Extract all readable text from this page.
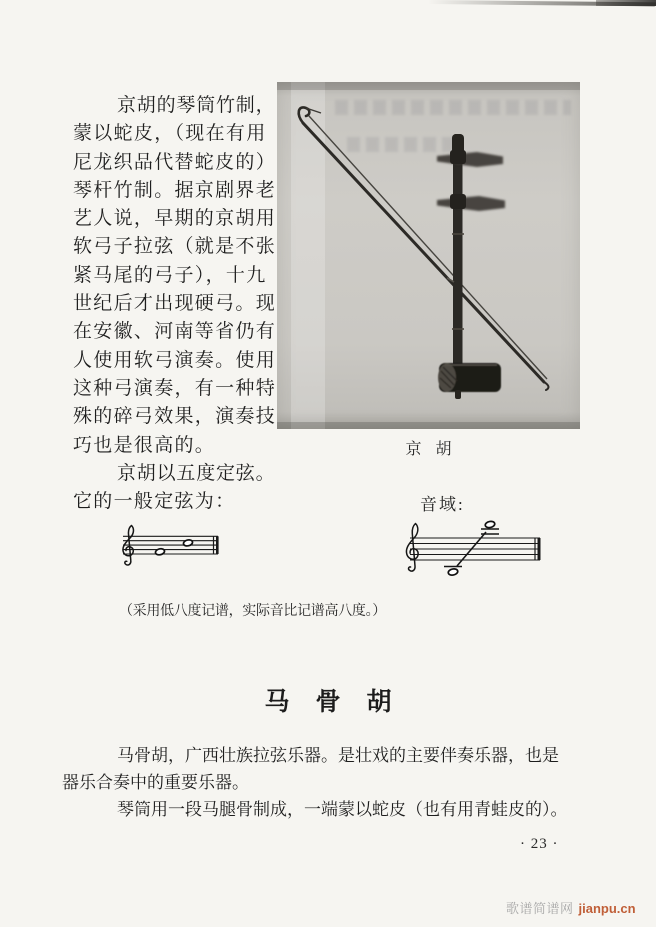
京胡的琴筒竹制，
蒙以蛇皮，（现在有用
尼龙织品代替蛇皮的）
琴杆竹制。据京剧界老
艺人说，早期的京胡用
软弓子拉弦（就是不张
紧马尾的弓子），十九
世纪后才出现硬弓。现
在安徽、河南等省仍有
人使用软弓演奏。使用
这种弓演奏，有一种特
殊的碎弓效果，演奏技
巧也是很高的。
京胡以五度定弦。
它的一般定弦为：
京胡
音域:
（采用低八度记谱，实际音比记谱高八度。）
马骨胡
马骨胡，广西壮族拉弦乐器。是壮戏的主要伴奏乐器，也是
器乐合奏中的重要乐器。
琴筒用一段马腿骨制成，一端蒙以蛇皮（也有用青蛙皮的）。
· 23 ·
歌谱简谱网 jianpu.cn
